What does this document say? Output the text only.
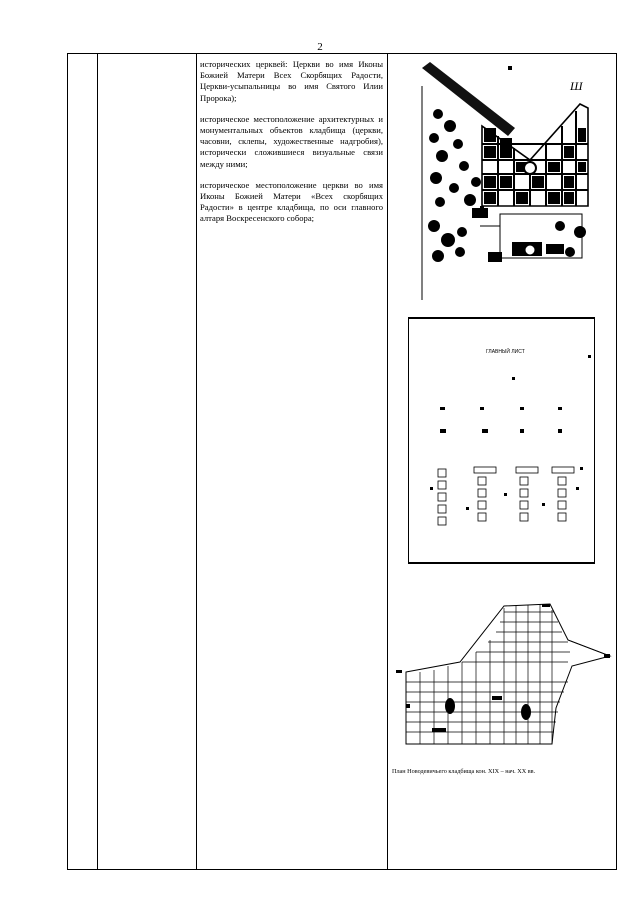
2

исторических церквей: Церкви во имя Иконы Божией Матери Всех Скорбящих Радости, Церкви-усыпальницы во имя Святого Илии Пророка);

историческое местоположение архитектурных и монументальных объектов кладбища (церкви, часовни, склепы, художественные надгробия), исторически сложившиеся визуальные связи между ними;

историческое местоположение церкви во имя Иконы Божией Матери «Всех скорбящих Радости» в центре кладбища, по оси главного алтаря Воскресенского собора;

Ш
ГЛАВНЫЙ ЛИСТ
План Новодевичьего кладбища кон. XIX – нач. XX вв.
